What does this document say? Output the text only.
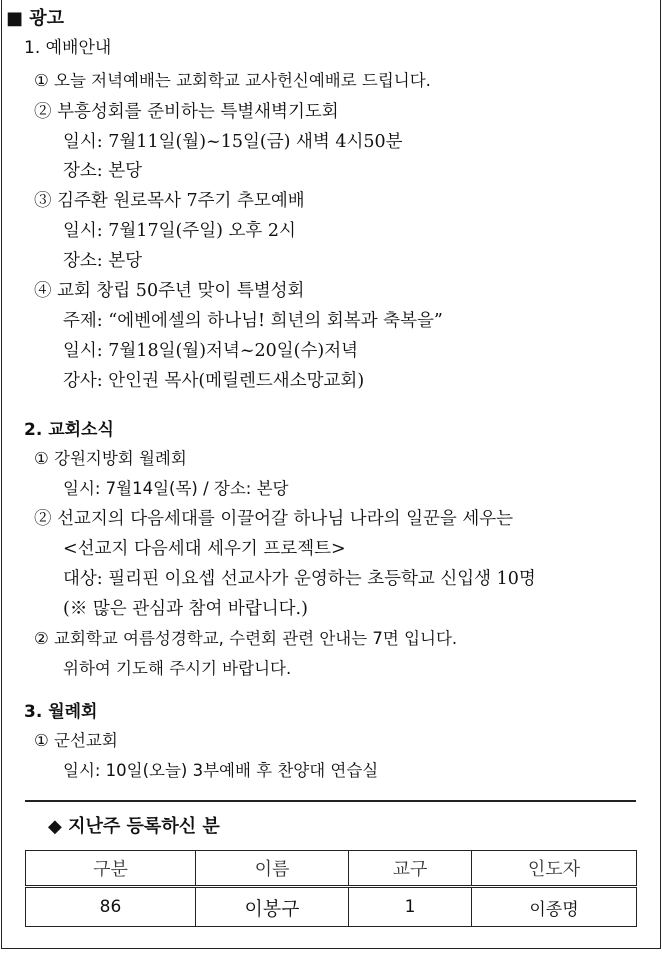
■ 광고
1. 예배안내
① 오늘 저녁예배는 교회학교 교사헌신예배로 드립니다.
② 부흥성회를 준비하는 특별새벽기도회
일시: 7월11일(월)~15일(금) 새벽 4시50분
장소: 본당
③ 김주환 원로목사 7주기 추모예배
일시: 7월17일(주일) 오후 2시
장소: 본당
④ 교회 창립 50주년 맞이 특별성회
주제: “에벤에셀의 하나님! 희년의 회복과 축복을”
일시: 7월18일(월)저녁~20일(수)저녁
강사: 안인권 목사(메릴렌드새소망교회)
2. 교회소식
① 강원지방회 월례회
일시: 7월14일(목) / 장소: 본당
② 선교지의 다음세대를 이끌어갈 하나님 나라의 일꾼을 세우는
<선교지 다음세대 세우기 프로젝트>
대상: 필리핀 이요셉 선교사가 운영하는 초등학교 신입생 10명
(※ 많은 관심과 참여 바랍니다.)
② 교회학교 여름성경학교, 수련회 관련 안내는 7면 입니다.
위하여 기도해 주시기 바랍니다.
3. 월례회
① 군선교회
일시: 10일(오늘) 3부예배 후 찬양대 연습실
◆ 지난주 등록하신 분
구분	이름	교구	인도자
86	이봉구	1	이종명
